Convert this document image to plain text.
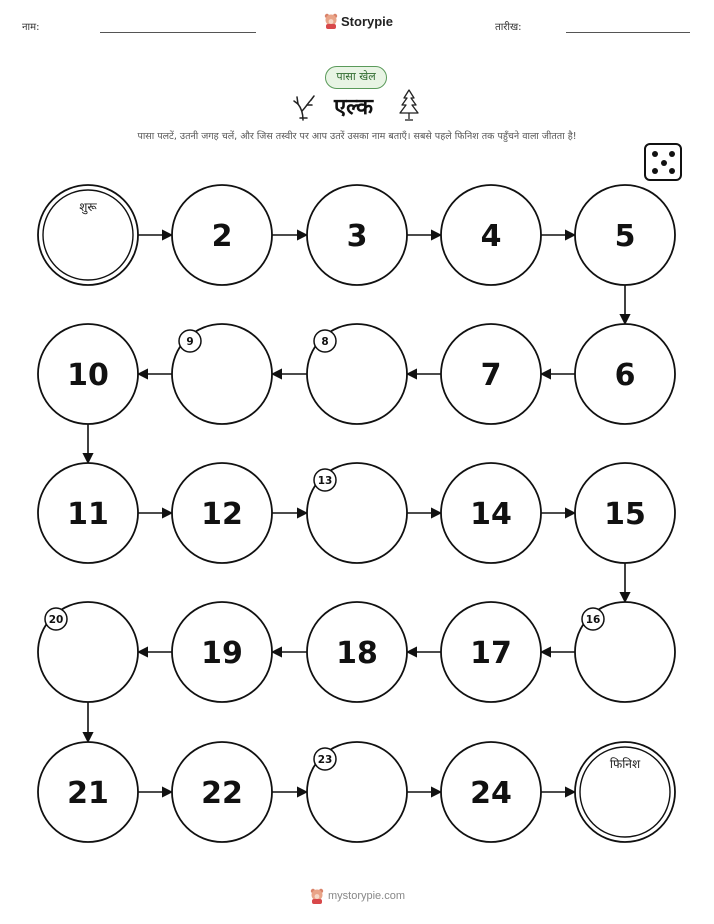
नाम:	Storypie	तारीख:
पासा खेल
एल्क
पासा पलटें, उतनी जगह चलें, और जिस तस्वीर पर आप उतरें उसका नाम बताएँ। सबसे पहले फिनिश तक पहुँचने वाला जीतता है!
शुरू
2	3	4	5
6
7
8
9
10
11	12
13
14	15
16
17
18
19
20
21	22
23
24
फिनिश
mystorypie.com
